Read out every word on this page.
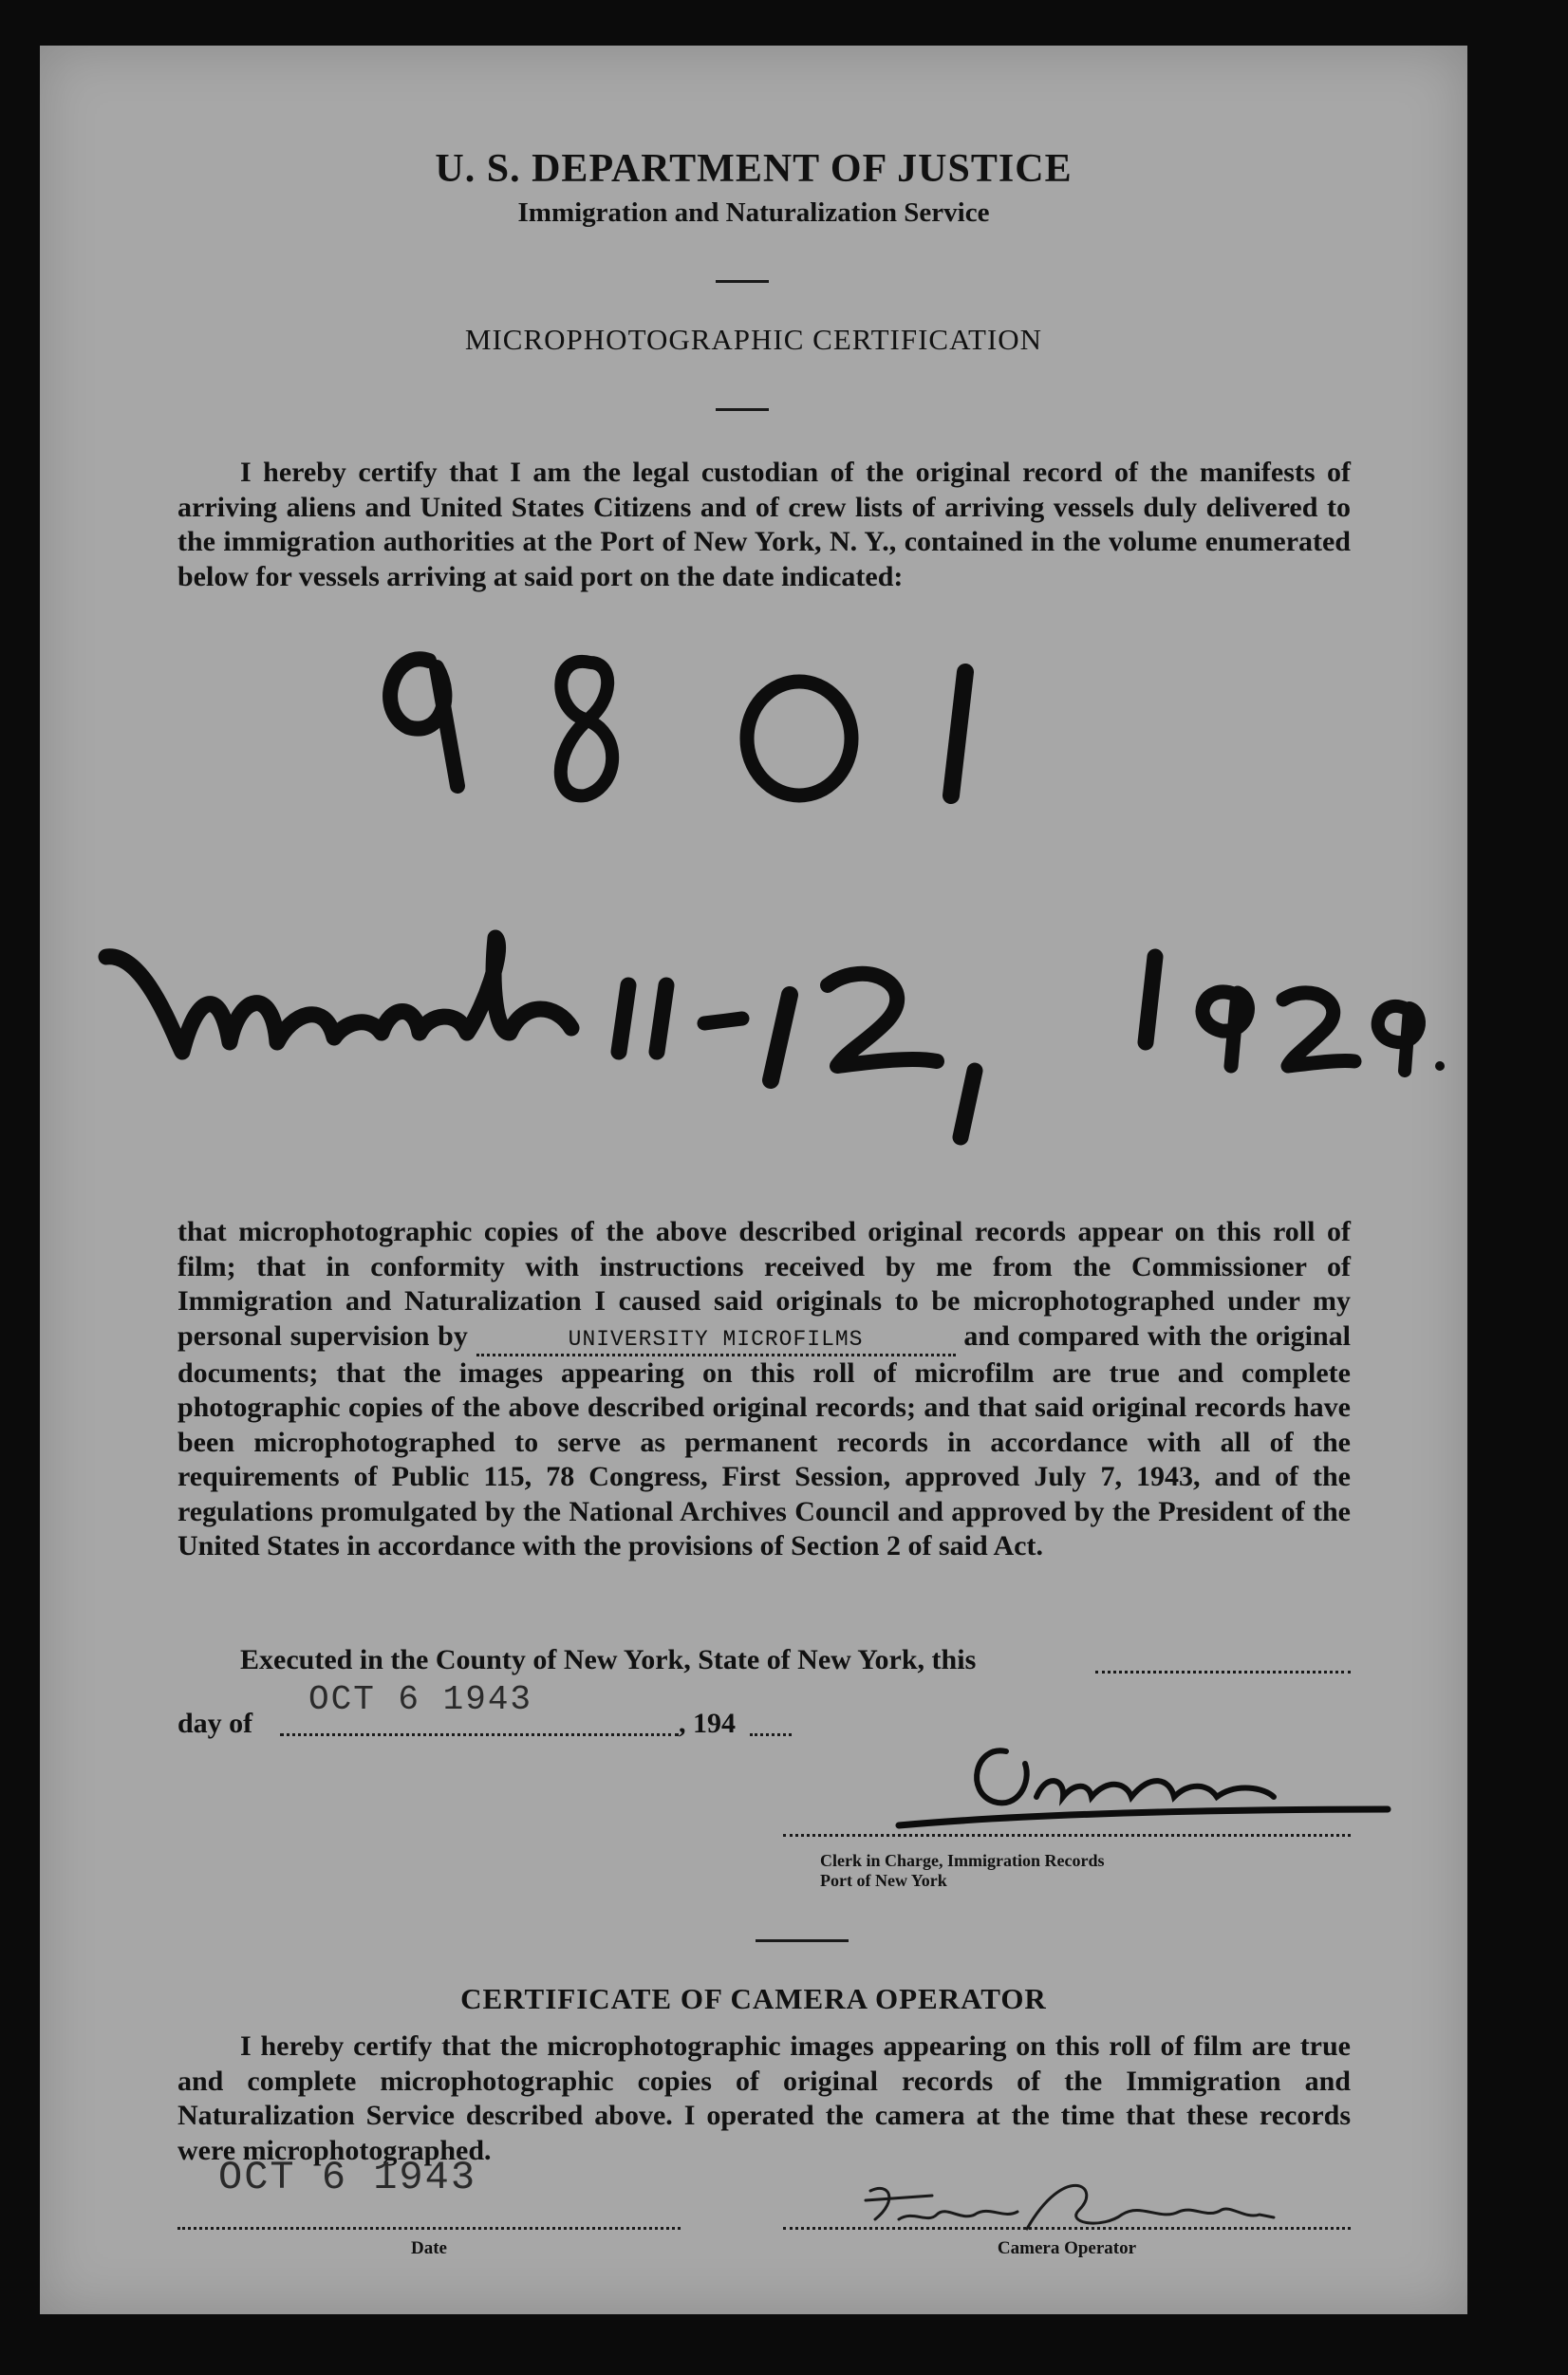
U. S. DEPARTMENT OF JUSTICE
Immigration and Naturalization Service
MICROPHOTOGRAPHIC CERTIFICATION
I hereby certify that I am the legal custodian of the original record of the manifests of arriving aliens and United States Citizens and of crew lists of arriving vessels duly delivered to the immigration authorities at the Port of New York, N. Y., contained in the volume enumerated below for vessels arriving at said port on the date indicated:
that microphotographic copies of the above described original records appear on this roll of film; that in conformity with instructions received by me from the Commissioner of Immigration and Naturalization I caused said originals to be microphotographed under my personal supervision by	UNIVERSITY MICROFILMS	and compared with the original documents; that the images appearing on this roll of microfilm are true and complete photographic copies of the above described original records; and that said original records have been microphotographed to serve as permanent records in accordance with all of the requirements of Public 115, 78 Congress, First Session, approved July 7, 1943, and of the regulations promulgated by the National Archives Council and approved by the President of the United States in accordance with the provisions of Section 2 of said Act.
Executed in the County of New York, State of New York, this
day of
OCT 6 1943
, 194
Clerk in Charge, Immigration Records
Port of New York
CERTIFICATE OF CAMERA OPERATOR
I hereby certify that the microphotographic images appearing on this roll of film are true and complete microphotographic copies of original records of the Immigration and Naturalization Service described above. I operated the camera at the time that these records were microphotographed.
OCT 6 1943
Date	Camera Operator
